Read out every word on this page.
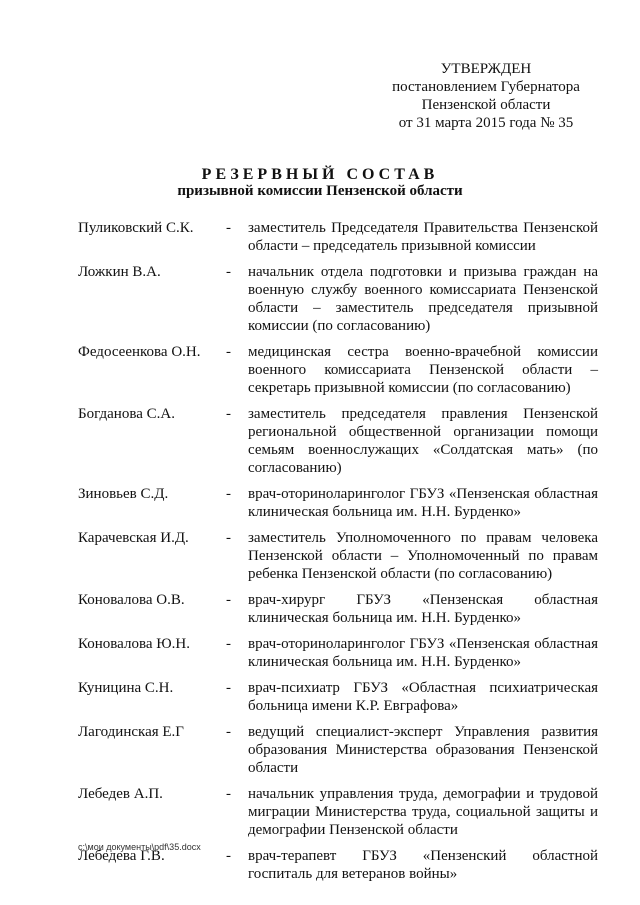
УТВЕРЖДЕН
постановлением Губернатора
Пензенской области
от 31 марта 2015 года № 35
РЕЗЕРВНЫЙ СОСТАВ
призывной комиссии Пензенской области
Пуликовский С.К.	-	заместитель Председателя Правительства Пензенской области – председатель призывной комиссии
Ложкин В.А.	-	начальник отдела подготовки и призыва граждан на военную службу военного комиссариата Пензенской области – заместитель председателя призывной комиссии (по согласованию)
Федосеенкова О.Н.	-	медицинская сестра военно-врачебной комиссии военного комиссариата Пензенской области – секретарь призывной комиссии (по согласованию)
Богданова С.А.	-	заместитель председателя правления Пензенской региональной общественной организации помощи семьям военнослужащих «Солдатская мать» (по согласованию)
Зиновьев С.Д.	-	врач-оториноларинголог ГБУЗ «Пензенская областная клиническая больница им. Н.Н. Бурденко»
Карачевская И.Д.	-	заместитель Уполномоченного по правам человека Пензенской области – Уполномоченный по правам ребенка Пензенской области (по согласованию)
Коновалова О.В.	-	врач-хирург ГБУЗ «Пензенская областная клиническая больница им. Н.Н. Бурденко»
Коновалова Ю.Н.	-	врач-оториноларинголог ГБУЗ «Пензенская областная клиническая больница им. Н.Н. Бурденко»
Куницина С.Н.	-	врач-психиатр ГБУЗ «Областная психиатрическая больница имени К.Р. Евграфова»
Лагодинская Е.Г	-	ведущий специалист-эксперт Управления развития образования Министерства образования Пензенской области
Лебедев А.П.	-	начальник управления труда, демографии и трудовой миграции Министерства труда, социальной защиты и демографии Пензенской области
Лебедева Г.В.	-	врач-терапевт ГБУЗ «Пензенский областной госпиталь для ветеранов войны»
c:\мои документы\pdf\35.docx
